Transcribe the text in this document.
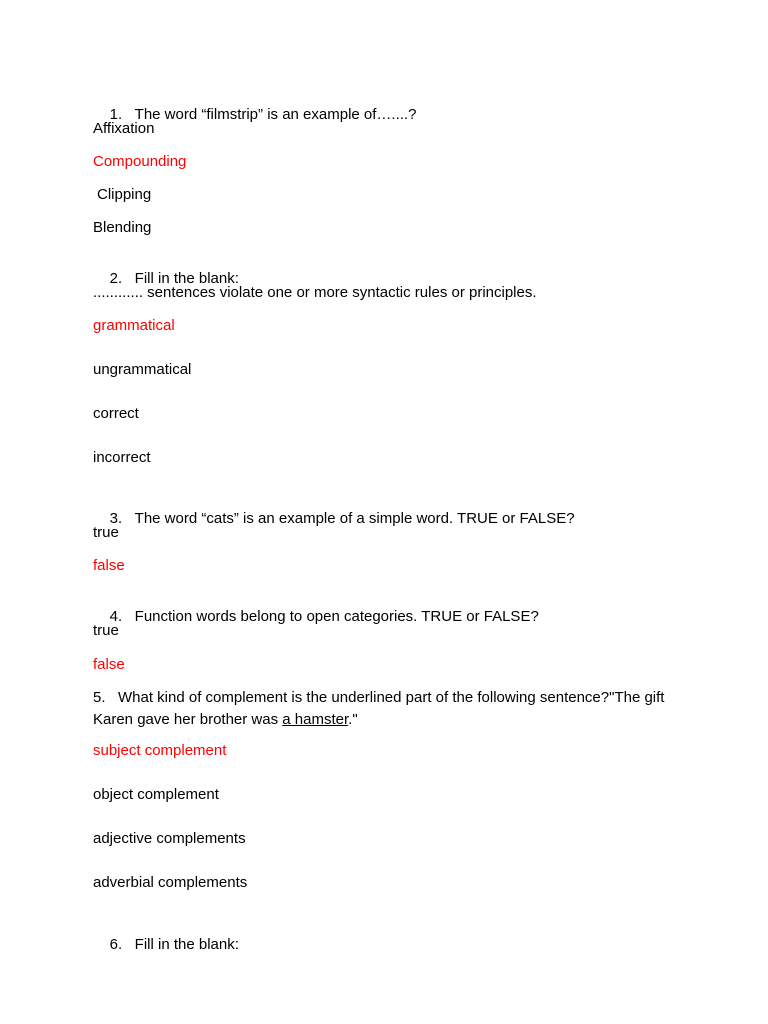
1. The word “filmstrip” is an example of…....?

Affixation
Compounding
Clipping
Blending

2. Fill in the blank:

............ sentences violate one or more syntactic rules or principles.
grammatical
ungrammatical
correct
incorrect

3. The word “cats” is an example of a simple word. TRUE or FALSE?

true
false

4. Function words belong to open categories. TRUE or FALSE?

true
false
5. What kind of complement is the underlined part of the following sentence?"The gift Karen gave her brother was a hamster."
subject complement
object complement
adjective complements
adverbial complements

6. Fill in the blank:
